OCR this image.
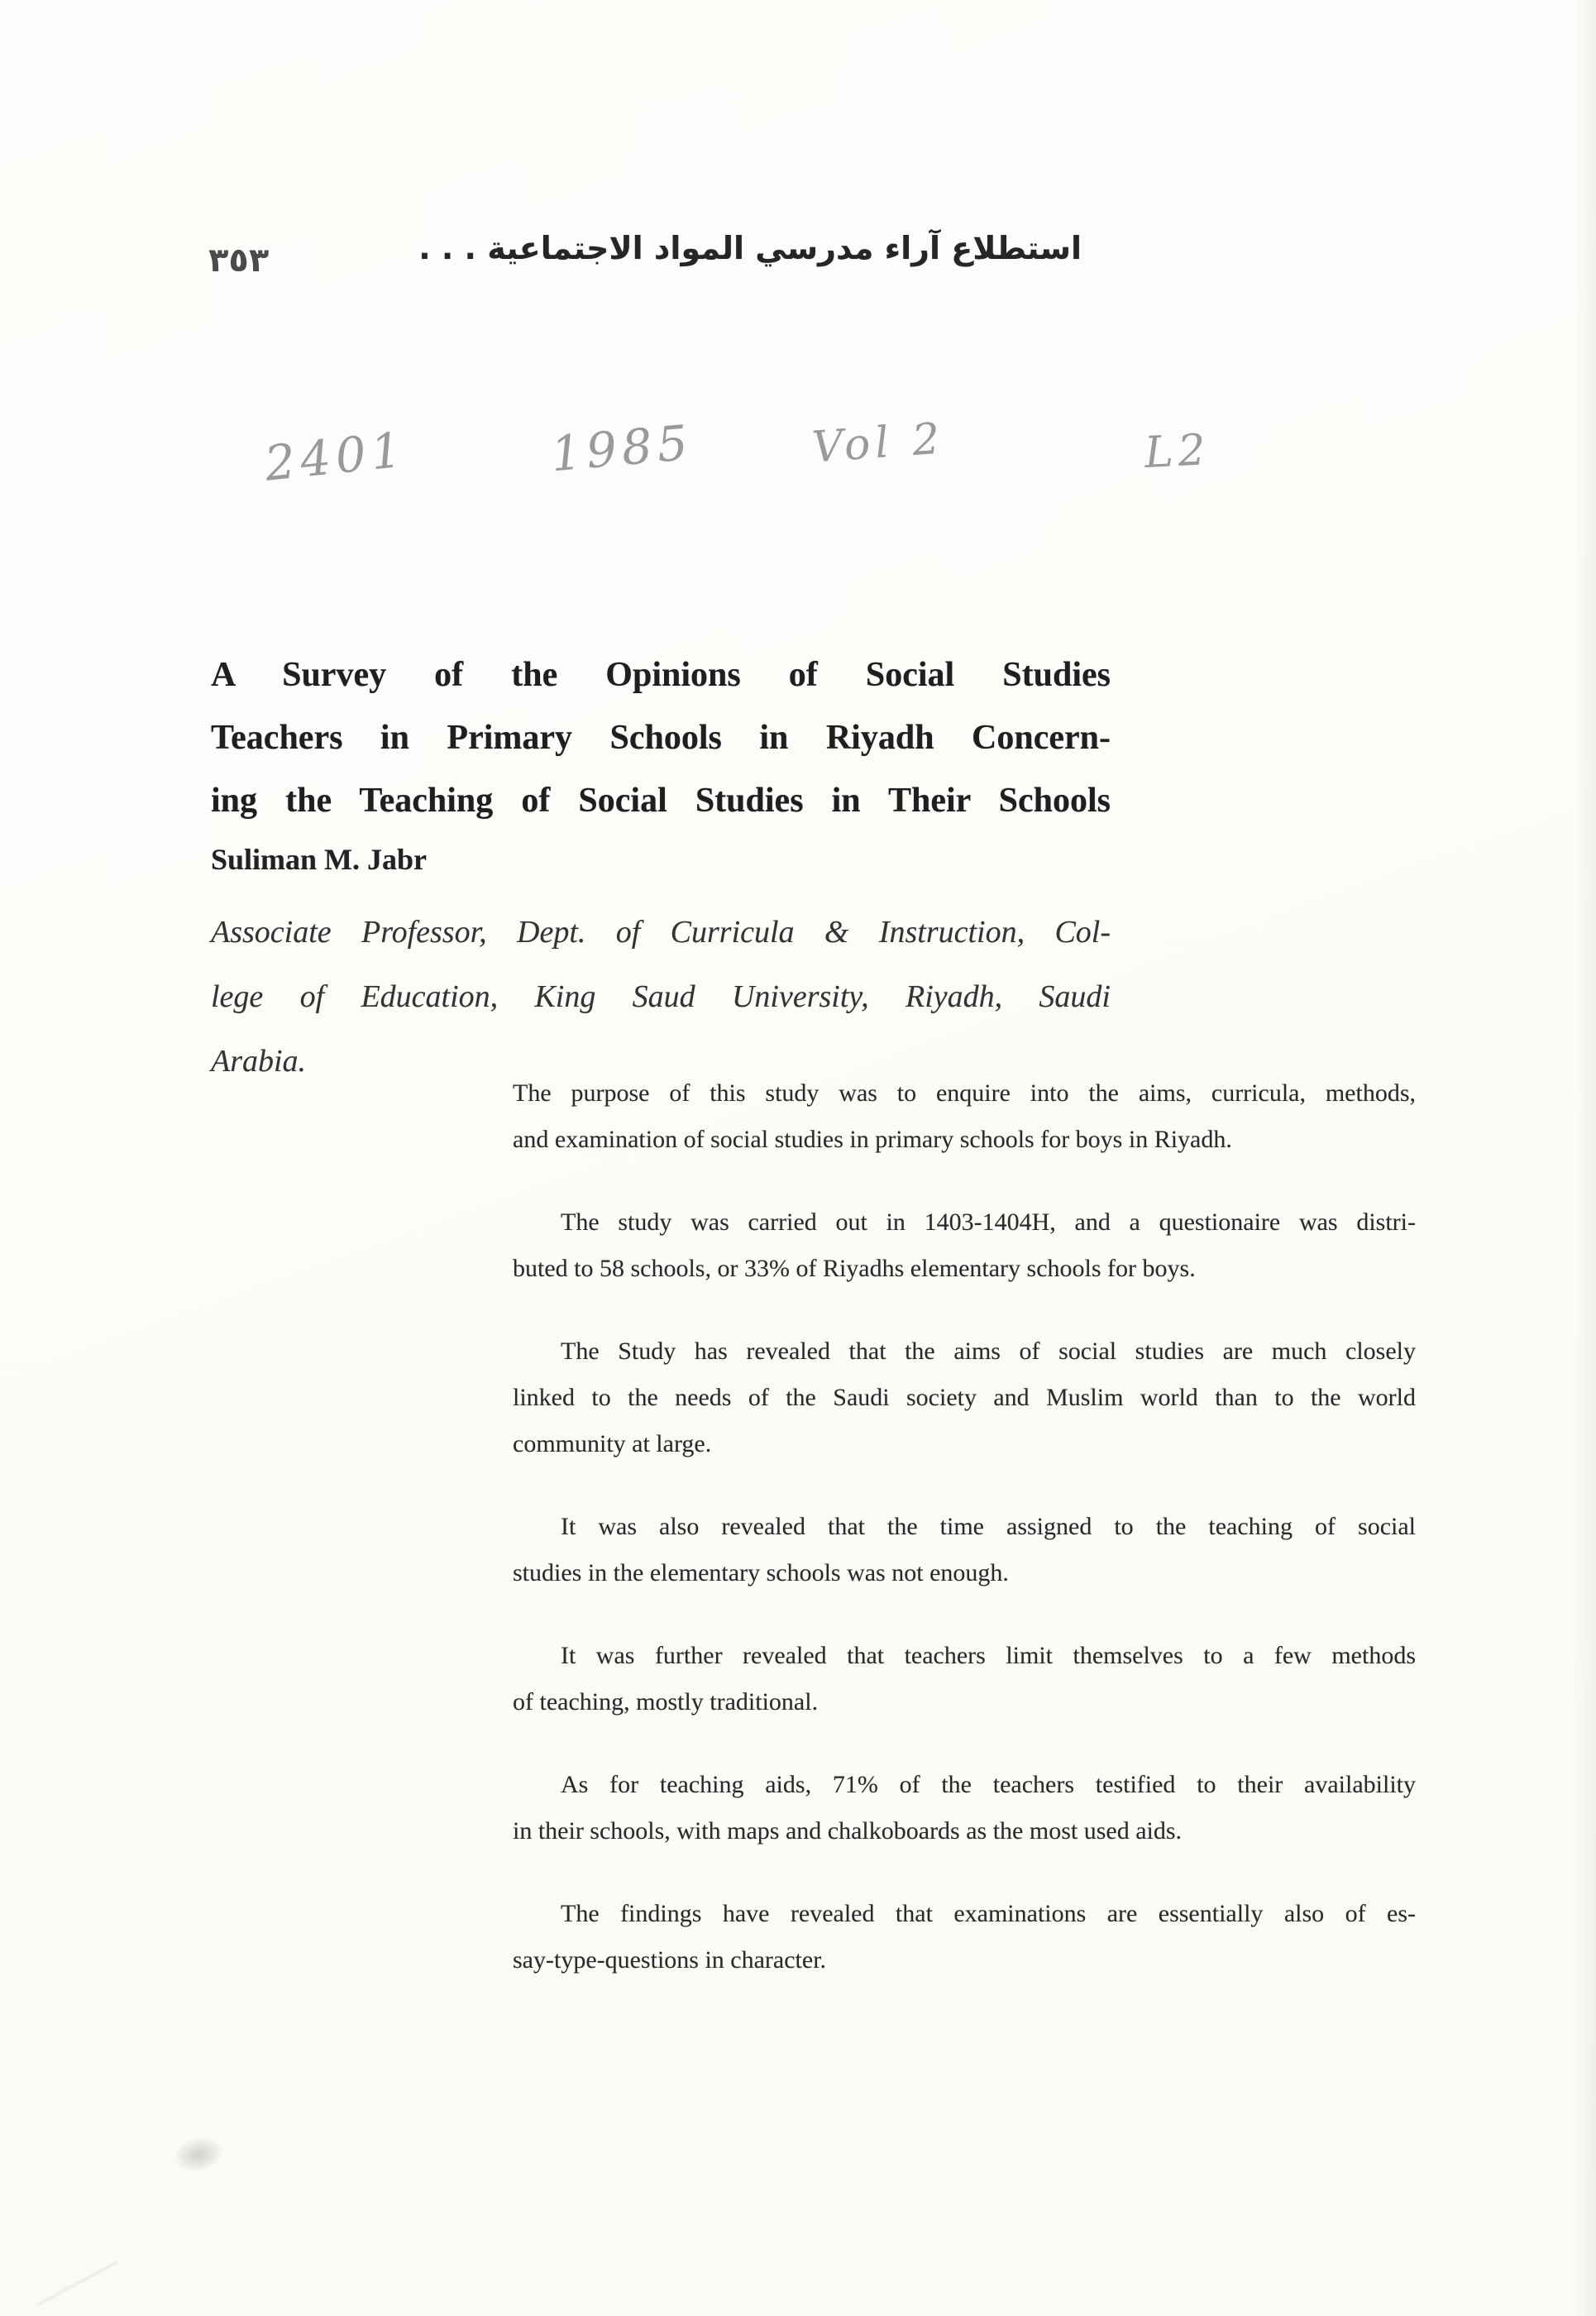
٣٥٣	استطلاع آراء مدرسي المواد الاجتماعية . . .
2401	1985	Vol 2	L2
A Survey of the Opinions of Social Studies
Teachers in Primary Schools in Riyadh Concern-
ing the Teaching of Social Studies in Their Schools
Suliman M. Jabr
Associate Professor, Dept. of Curricula & Instruction, Col-
lege of Education, King Saud University, Riyadh, Saudi
Arabia.
The purpose of this study was to enquire into the aims, curricula, methods,
and examination of social studies in primary schools for boys in Riyadh.
The study was carried out in 1403-1404H, and a questionaire was distri-
buted to 58 schools, or 33% of Riyadhs elementary schools for boys.
The Study has revealed that the aims of social studies are much closely
linked to the needs of the Saudi society and Muslim world than to the world
community at large.
It was also revealed that the time assigned to the teaching of social
studies in the elementary schools was not enough.
It was further revealed that teachers limit themselves to a few methods
of teaching, mostly traditional.
As for teaching aids, 71% of the teachers testified to their availability
in their schools, with maps and chalkoboards as the most used aids.
The findings have revealed that examinations are essentially also of es-
say-type-questions in character.
